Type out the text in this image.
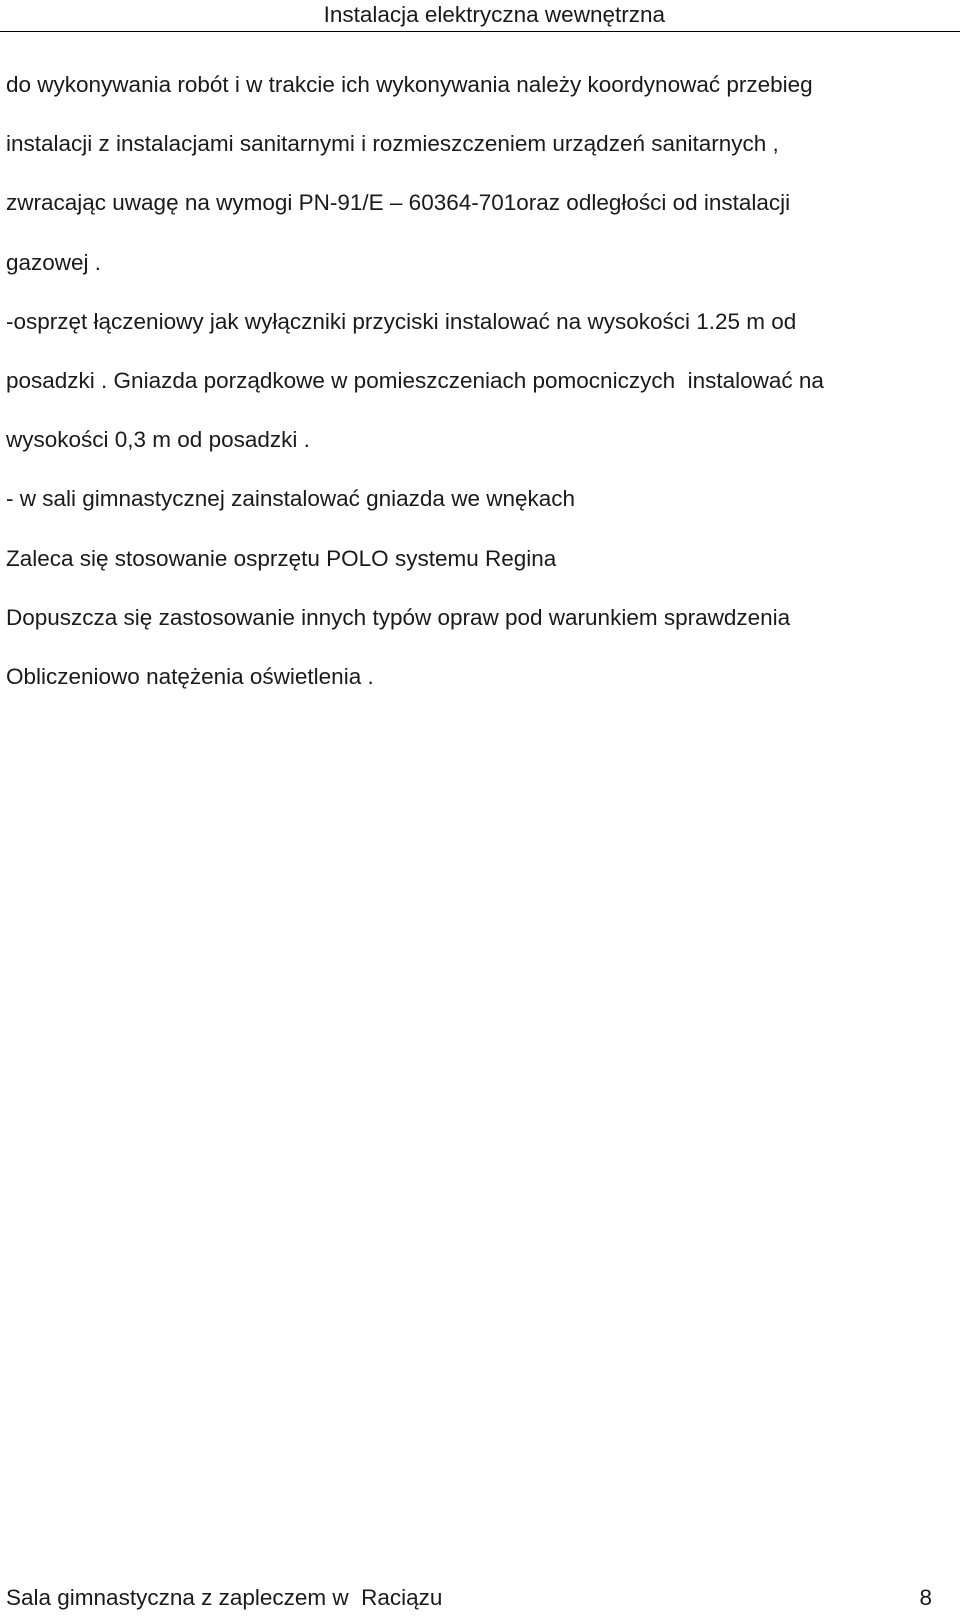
Instalacja elektryczna wewnętrzna
do wykonywania robót i w trakcie ich wykonywania należy koordynować przebieg
instalacji z instalacjami sanitarnymi i rozmieszczeniem urządzeń sanitarnych ,
zwracając uwagę na wymogi PN-91/E – 60364-701oraz odległości od instalacji
gazowej .
-osprzęt łączeniowy jak wyłączniki przyciski instalować na wysokości 1.25 m od
posadzki . Gniazda porządkowe w pomieszczeniach pomocniczych  instalować na
wysokości 0,3 m od posadzki .
- w sali gimnastycznej zainstalować gniazda we wnękach
Zaleca się stosowanie osprzętu POLO systemu Regina
Dopuszcza się zastosowanie innych typów opraw pod warunkiem sprawdzenia
Obliczeniowo natężenia oświetlenia .
Sala gimnastyczna z zapleczem w  Raciązu	8
